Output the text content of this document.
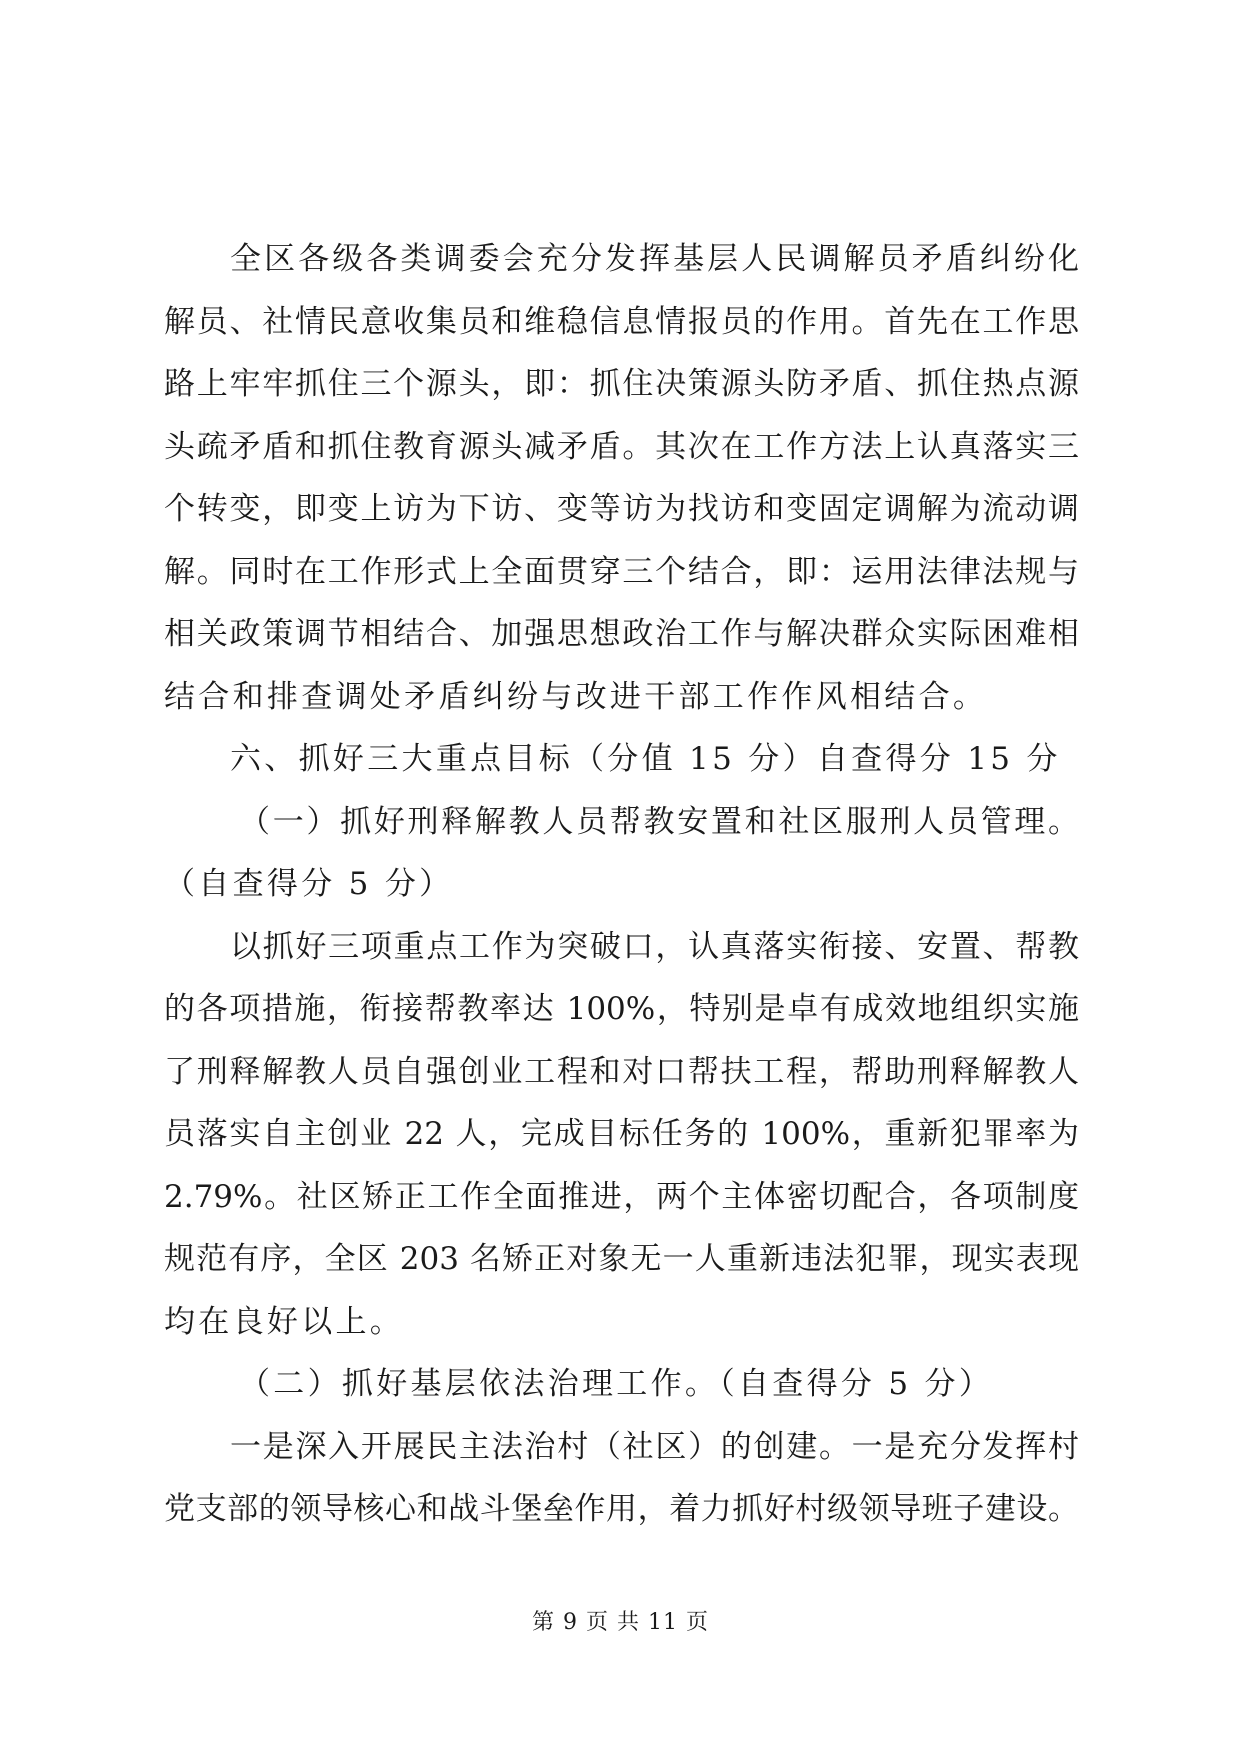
全区各级各类调委会充分发挥基层人民调解员矛盾纠纷化
解员、社情民意收集员和维稳信息情报员的作用。首先在工作思
路上牢牢抓住三个源头，即：抓住决策源头防矛盾、抓住热点源
头疏矛盾和抓住教育源头减矛盾。其次在工作方法上认真落实三
个转变，即变上访为下访、变等访为找访和变固定调解为流动调
解。同时在工作形式上全面贯穿三个结合，即：运用法律法规与
相关政策调节相结合、加强思想政治工作与解决群众实际困难相
结合和排查调处矛盾纠纷与改进干部工作作风相结合。
六、抓好三大重点目标（分值 15 分）自查得分 15 分
（一）抓好刑释解教人员帮教安置和社区服刑人员管理。
（自查得分 5 分）
以抓好三项重点工作为突破口，认真落实衔接、安置、帮教
的各项措施，衔接帮教率达 100%，特别是卓有成效地组织实施
了刑释解教人员自强创业工程和对口帮扶工程，帮助刑释解教人
员落实自主创业 22 人，完成目标任务的 100%，重新犯罪率为
2.79%。社区矫正工作全面推进，两个主体密切配合，各项制度
规范有序，全区 203 名矫正对象无一人重新违法犯罪，现实表现
均在良好以上。
（二）抓好基层依法治理工作。（自查得分 5 分）
一是深入开展民主法治村（社区）的创建。一是充分发挥村
党支部的领导核心和战斗堡垒作用，着力抓好村级领导班子建设。
第 9 页 共 11 页
